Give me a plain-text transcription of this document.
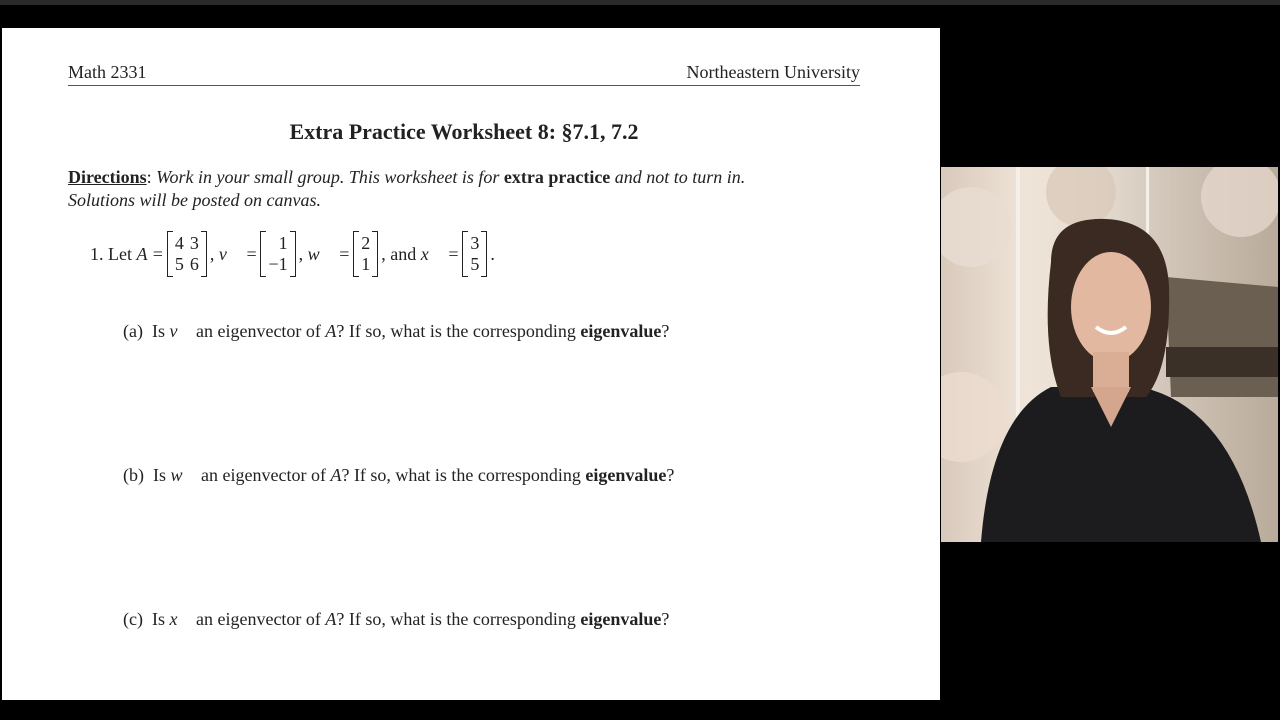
Math 2331	Northeastern University
Extra Practice Worksheet 8: §7.1, 7.2
Directions: Work in your small group. This worksheet is for extra practice and not to turn in.
Solutions will be posted on canvas.
1.
Let
A =
4
5
3
6
,
v⃗ =
1
−1
,
w⃗ =
2
1
,
and
x⃗ =
3
5
.
(a) Is v⃗ an eigenvector of A? If so, what is the corresponding eigenvalue?
(b) Is w⃗ an eigenvector of A? If so, what is the corresponding eigenvalue?
(c) Is x⃗ an eigenvector of A? If so, what is the corresponding eigenvalue?
